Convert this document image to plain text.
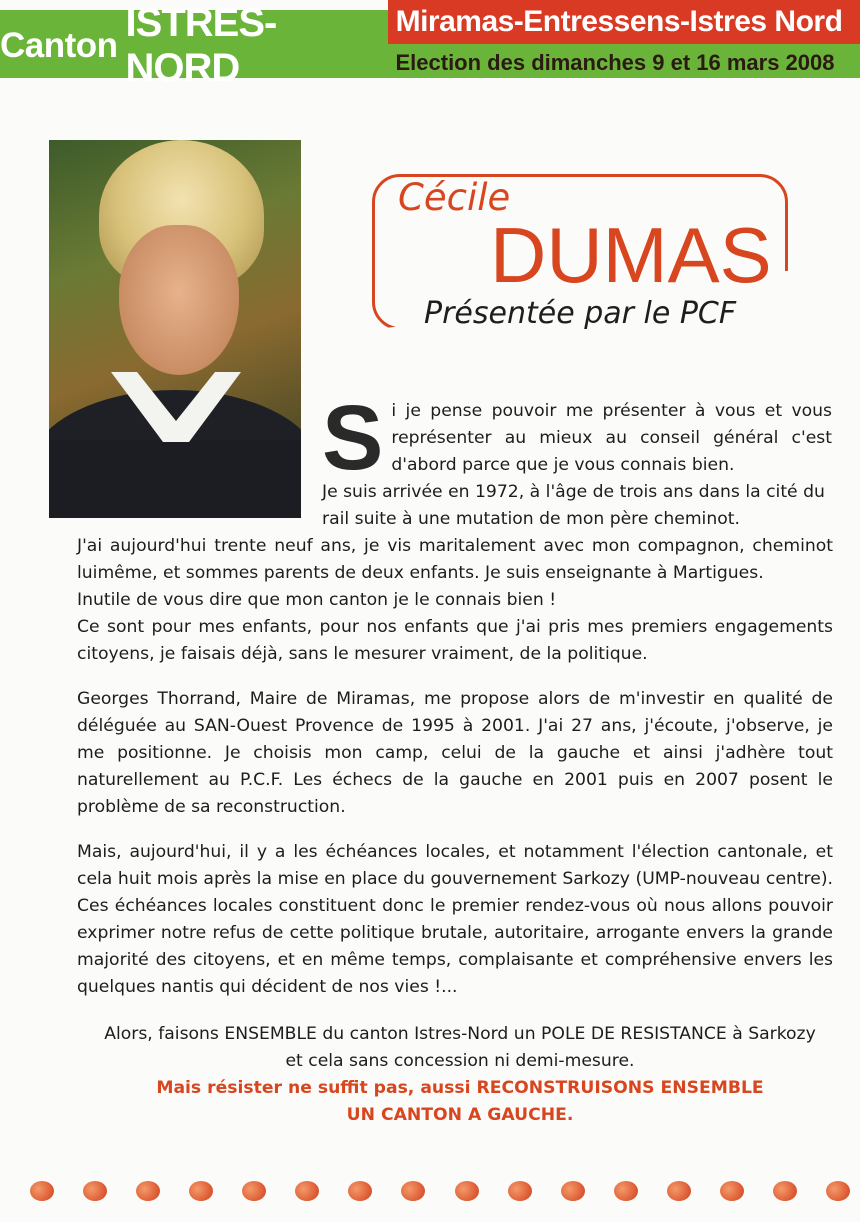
Canton
ISTRES-NORD
Miramas-Entressens-Istres Nord
Election des dimanches 9 et 16 mars 2008
Cécile
DUMAS
Présentée par le PCF
S i je pense pouvoir me présenter à vous et vous représenter au mieux au conseil général c'est d'abord parce que je vous connais bien.
Je suis arrivée en 1972, à l'âge de trois ans dans la cité du rail suite à une mutation de mon père cheminot.

J'ai aujourd'hui trente neuf ans, je vis maritalement avec mon compagnon, cheminot luimême, et sommes parents de deux enfants. Je suis enseignante à Martigues.

Inutile de vous dire que mon canton je le connais bien !

Ce sont pour mes enfants, pour nos enfants que j'ai pris mes premiers engagements citoyens, je faisais déjà, sans le mesurer vraiment, de la politique.

Georges Thorrand, Maire de Miramas, me propose alors de m'investir en qualité de déléguée au SAN-Ouest Provence de 1995 à 2001. J'ai 27 ans, j'écoute, j'observe, je me positionne. Je choisis mon camp, celui de la gauche et ainsi j'adhère tout naturellement au P.C.F. Les échecs de la gauche en 2001 puis en 2007 posent le problème de sa reconstruction.

Mais, aujourd'hui, il y a les échéances locales, et notamment l'élection cantonale, et cela huit mois après la mise en place du gouvernement Sarkozy (UMP-nouveau centre). Ces échéances locales constituent donc le premier rendez-vous où nous allons pouvoir exprimer notre refus de cette politique brutale, autoritaire, arrogante envers la grande majorité des citoyens, et en même temps, complaisante et compréhensive envers les quelques nantis qui décident de nos vies !...

Alors, faisons ENSEMBLE du canton Istres-Nord un POLE DE RESISTANCE à Sarkozy
et cela sans concession ni demi-mesure.
Mais résister ne suffit pas, aussi RECONSTRUISONS ENSEMBLE
UN CANTON A GAUCHE.
